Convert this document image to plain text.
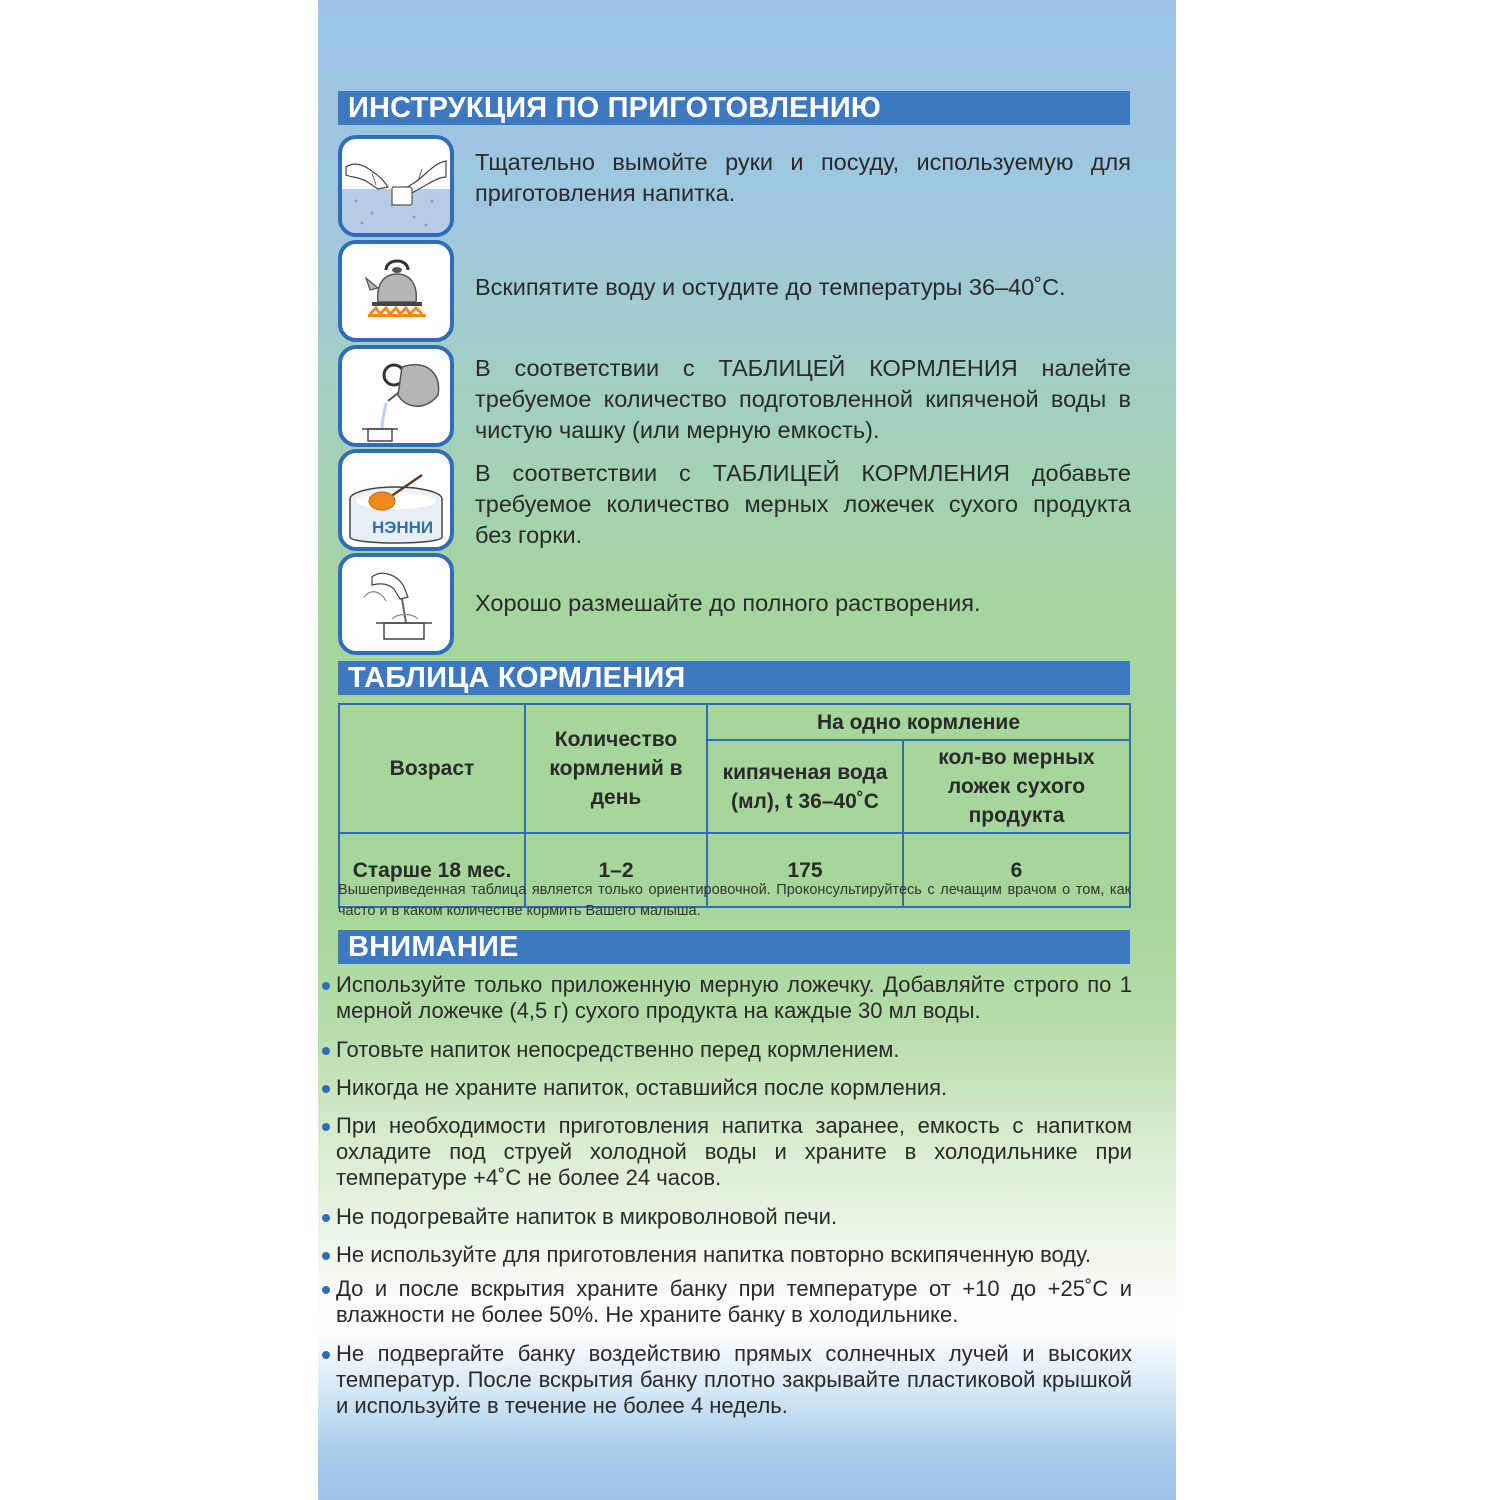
ИНСТРУКЦИЯ ПО ПРИГОТОВЛЕНИЮ
Тщательно вымойте руки и посуду, используемую для приготовления напитка.
Вскипятите воду и остудите до температуры 36–40˚С.
В соответствии с ТАБЛИЦЕЙ КОРМЛЕНИЯ налейте требуемое количество подготовленной кипяченой воды в чистую чашку (или мерную емкость).
НЭННИ
В соответствии с ТАБЛИЦЕЙ КОРМЛЕНИЯ добавьте требуемое количество мерных ложечек сухого продукта без горки.
Хорошо размешайте до полного растворения.
ТАБЛИЦА КОРМЛЕНИЯ
Возраст	Количество кормлений в день	На одно кормление	
		кипяченая вода (мл), t 36–40˚С	кол-во мерных ложек сухого продукта
Старше 18 мес.	1–2	175	6
Вышеприведенная таблица является только ориентировочной. Проконсультируйтесь с лечащим врачом о том, как часто и в каком количестве кормить Вашего малыша.
ВНИМАНИЕ
Используйте только приложенную мерную ложечку. Добавляйте строго по 1 мерной ложечке (4,5 г) сухого продукта на каждые 30 мл воды.
Готовьте напиток непосредственно перед кормлением.
Никогда не храните напиток, оставшийся после кормления.
При необходимости приготовления напитка заранее, емкость с напитком охладите под струей холодной воды и храните в холодильнике при температуре +4˚С не более 24 часов.
Не подогревайте напиток в микроволновой печи.
Не используйте для приготовления напитка повторно вскипяченную воду.
До и после вскрытия храните банку при температуре от +10 до +25˚С и влажности не более 50%. Не храните банку в холодильнике.
Не подвергайте банку воздействию прямых солнечных лучей и высоких температур. После вскрытия банку плотно закрывайте пластиковой крышкой и используйте в течение не более 4 недель.
